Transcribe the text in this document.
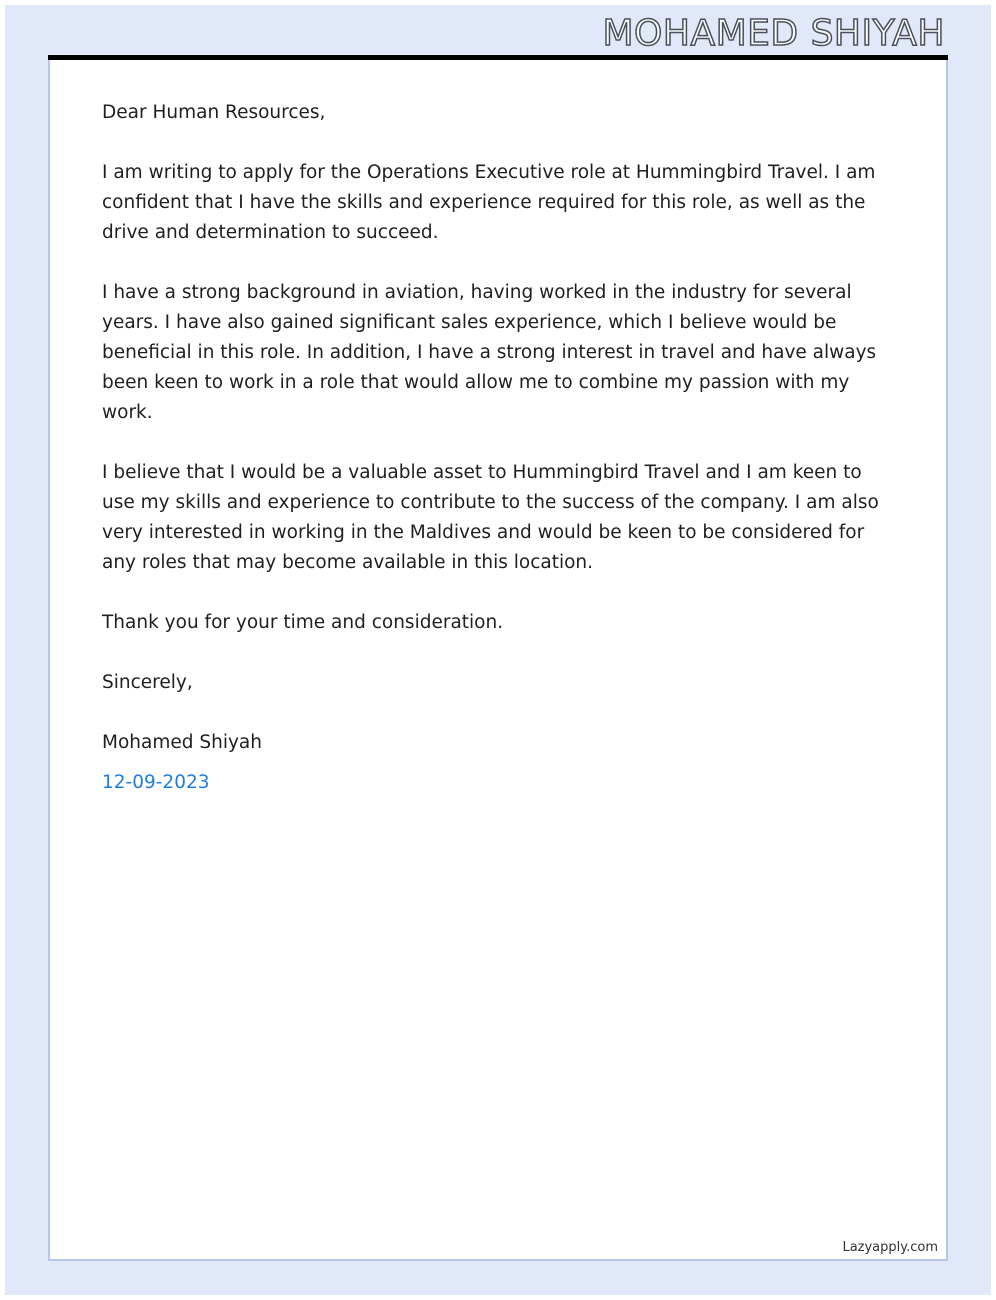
MOHAMED SHIYAH

Dear Human Resources,

I am writing to apply for the Operations Executive role at Hummingbird Travel. I am confident that I have the skills and experience required for this role, as well as the drive and determination to succeed.

I have a strong background in aviation, having worked in the industry for several years. I have also gained significant sales experience, which I believe would be beneficial in this role. In addition, I have a strong interest in travel and have always been keen to work in a role that would allow me to combine my passion with my work.

I believe that I would be a valuable asset to Hummingbird Travel and I am keen to use my skills and experience to contribute to the success of the company. I am also very interested in working in the Maldives and would be keen to be considered for any roles that may become available in this location.

Thank you for your time and consideration.

Sincerely,

Mohamed Shiyah

12-09-2023

Lazyapply.com
